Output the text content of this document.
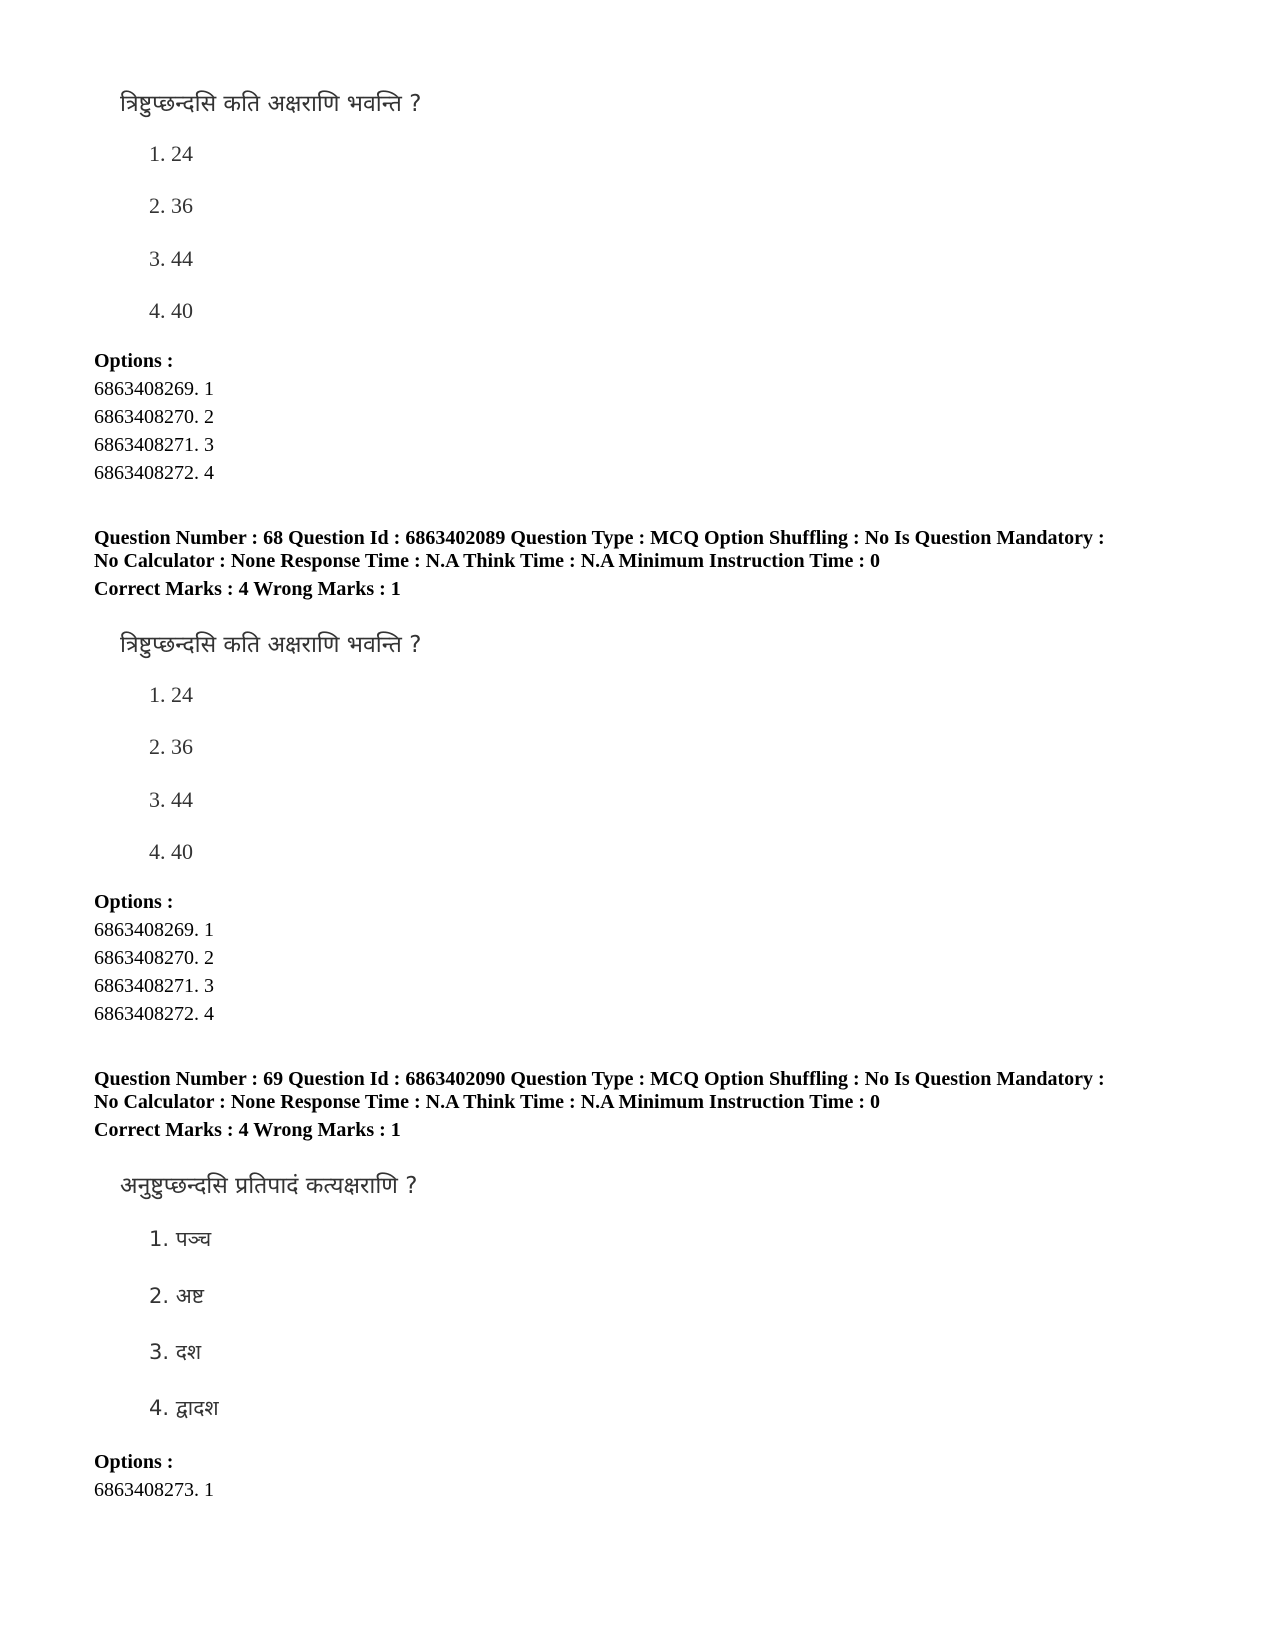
त्रिष्टुप्छन्दसि कति अक्षराणि भवन्ति ?
1. 24
2. 36
3. 44
4. 40
Options :
6863408269. 1
6863408270. 2
6863408271. 3
6863408272. 4
Question Number : 68 Question Id : 6863402089 Question Type : MCQ Option Shuffling : No Is Question Mandatory :
No Calculator : None Response Time : N.A Think Time : N.A Minimum Instruction Time : 0
Correct Marks : 4 Wrong Marks : 1
त्रिष्टुप्छन्दसि कति अक्षराणि भवन्ति ?
1. 24
2. 36
3. 44
4. 40
Options :
6863408269. 1
6863408270. 2
6863408271. 3
6863408272. 4
Question Number : 69 Question Id : 6863402090 Question Type : MCQ Option Shuffling : No Is Question Mandatory :
No Calculator : None Response Time : N.A Think Time : N.A Minimum Instruction Time : 0
Correct Marks : 4 Wrong Marks : 1
अनुष्टुप्छन्दसि प्रतिपादं कत्यक्षराणि ?
1. पञ्च
2. अष्ट
3. दश
4. द्वादश
Options :
6863408273. 1
